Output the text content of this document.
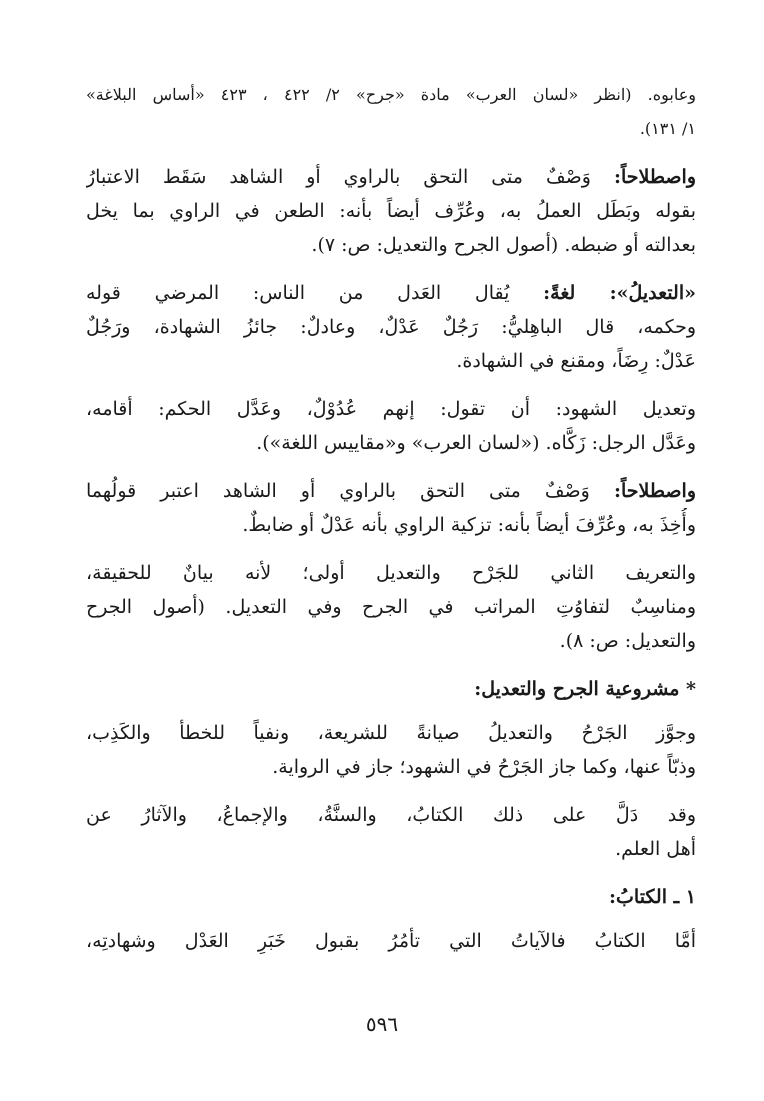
وعابوه. (انظر «لسان العرب» مادة «جرح» ٢/ ٤٢٢ ، ٤٢٣ «أساس البلاغة»
١/ ١٣١).
واصطلاحاً: وَصْفٌ متى التحق بالراوي أو الشاهد سَقَط الاعتبارُ
بقوله وبَطَل العملُ به، وعُرِّف أيضاً بأنه: الطعن في الراوي بما يخل
بعدالته أو ضبطه. (أصول الجرح والتعديل: ص: ٧).
«التعديلُ»: لغةً: يُقال العَدل من الناس: المرضي قوله
وحكمه، قال الباهِليُّ: رَجُلٌ عَدْلٌ، وعادلٌ: جائزُ الشهادة، ورَجُلٌ
عَدْلٌ: رِضَاً، ومقنع في الشهادة.
وتعديل الشهود: أن تقول: إنهم عُدُوْلٌ، وعَدَّل الحكم: أقامه،
وعَدَّل الرجل: زَكَّاه. («لسان العرب» و«مقاييس اللغة»).
واصطلاحاً: وَصْفٌ متى التحق بالراوي أو الشاهد اعتبر قولُهما
وأُخِذَ به، وعُرِّفَ أيضاً بأنه: تزكية الراوي بأنه عَدْلٌ أو ضابطٌ.
والتعريف الثاني للجَرْح والتعديل أولى؛ لأنه بيانٌ للحقيقة،
ومناسِبٌ لتفاوُتِ المراتب في الجرح وفي التعديل. (أصول الجرح
والتعديل: ص: ٨).
* مشروعية الجرح والتعديل:
وجوَّز الجَرْحُ والتعديلُ صيانةً للشريعة، ونفياً للخطأ والكَذِب،
وذبّاً عنها، وكما جاز الجَرْحُ في الشهود؛ جاز في الرواية.
وقد دَلَّ على ذلك الكتابُ، والسنَّةُ، والإجماعُ، والآثارُ عن
أهل العلم.
١ ـ الكتابُ:
أمَّا الكتابُ فالآياتُ التي تأمُرُ بقبول خَبَرِ العَدْل وشهادتِه،
٥٩٦
